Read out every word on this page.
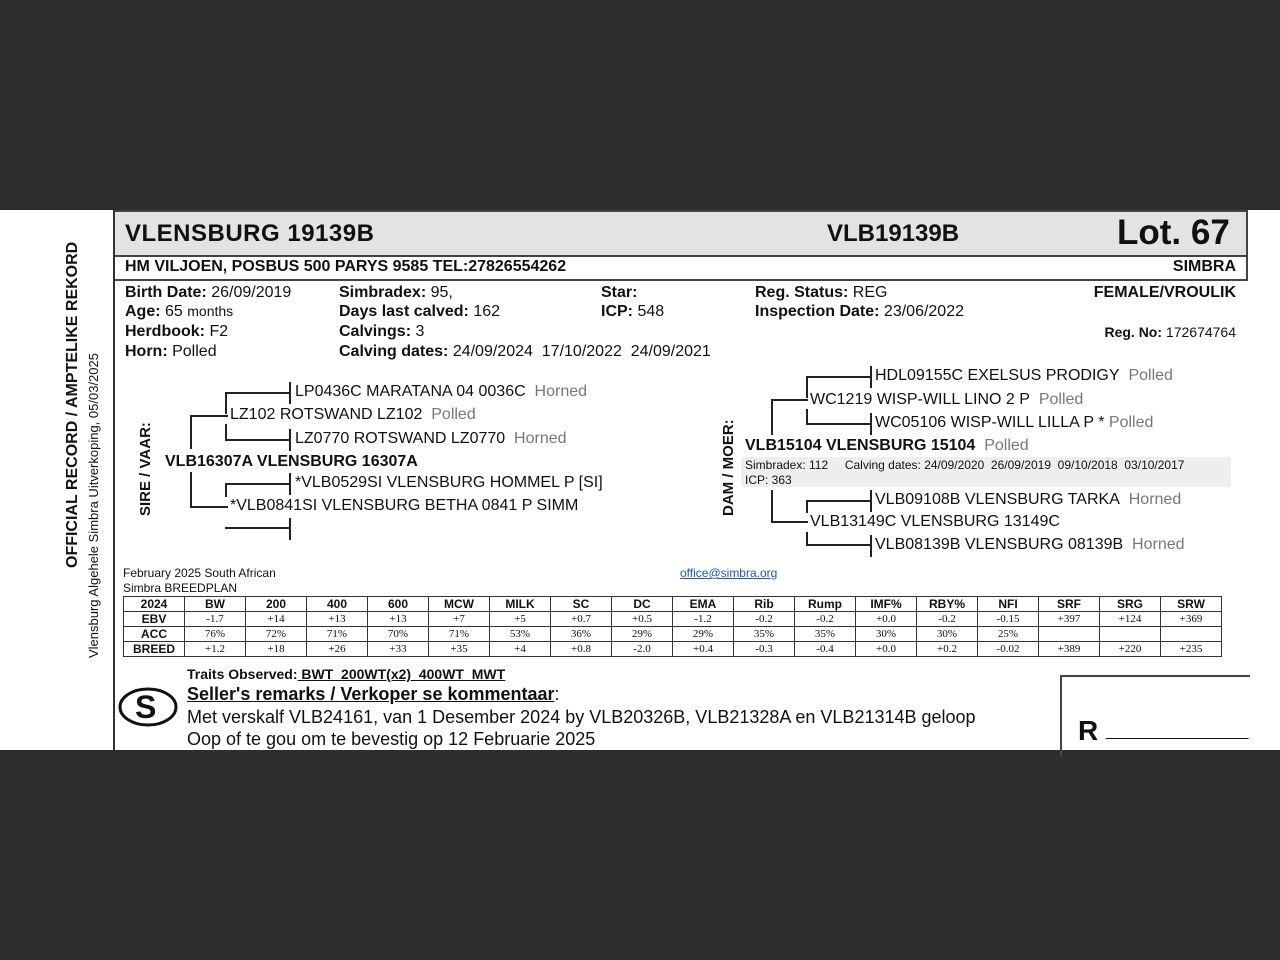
OFFICIAL RECORD / AMPTELIKE REKORD Vlensburg Algehele Simbra Uitverkoping, 05/03/2025
VLENSBURG 19139B	VLB19139B	Lot. 67
HM VILJOEN, POSBUS 500 PARYS 9585 TEL:27826554262	SIMBRA
Birth Date: 26/09/2019
Age: 65 months
Herdbook: F2
Horn: Polled
Simbradex: 95,
Days last calved: 162
Calvings: 3
Calving dates: 24/09/2024  17/10/2022  24/09/2021
Star:
ICP: 548
Reg. Status: REG
Inspection Date: 23/06/2022
FEMALE/VROULIK
Reg. No: 172674764
SIRE / VAAR: VLB16307A VLENSBURG 16307A
LZ102 ROTSWAND LZ102 Polled
LP0436C MARATANA 04 0036C Horned
LZ0770 ROTSWAND LZ0770 Horned
*VLB0529SI VLENSBURG HOMMEL P [SI]
*VLB0841SI VLENSBURG BETHA 0841 P SIMM	DAM / MOER: VLB15104 VLENSBURG 15104 Polled
Simbradex: 112     Calving dates: 24/09/2020  26/09/2019  09/10/2018  03/10/2017
ICP: 363
WC1219 WISP-WILL LINO 2 P Polled
HDL09155C EXELSUS PRODIGY Polled
WC05106 WISP-WILL LILLA P * Polled
VLB09108B VLENSBURG TARKA Horned
VLB13149C VLENSBURG 13149C
VLB08139B VLENSBURG 08139B Horned
February 2025 South African
Simbra BREEDPLAN
office@simbra.org
2024	BW	200	400	600	MCW	MILK	SC	DC	EMA	Rib	Rump	IMF%	RBY%	NFI	SRF	SRG	SRW
EBV	-1.7	+14	+13	+13	+7	+5	+0.7	+0.5	-1.2	-0.2	-0.2	+0.0	-0.2	-0.15	+397	+124	+369
ACC	76%	72%	71%	70%	71%	53%	36%	29%	29%	35%	35%	30%	30%	25%			
BREED	+1.2	+18	+26	+33	+35	+4	+0.8	-2.0	+0.4	-0.3	-0.4	+0.0	+0.2	-0.02	+389	+220	+235
S
Traits Observed: BWT  200WT(x2)  400WT  MWT
Seller's remarks / Verkoper se kommentaar:
Met verskalf VLB24161, van 1 Desember 2024 by VLB20326B, VLB21328A en VLB21314B geloop
Oop of te gou om te bevestig op 12 Februarie 2025	R ________________
